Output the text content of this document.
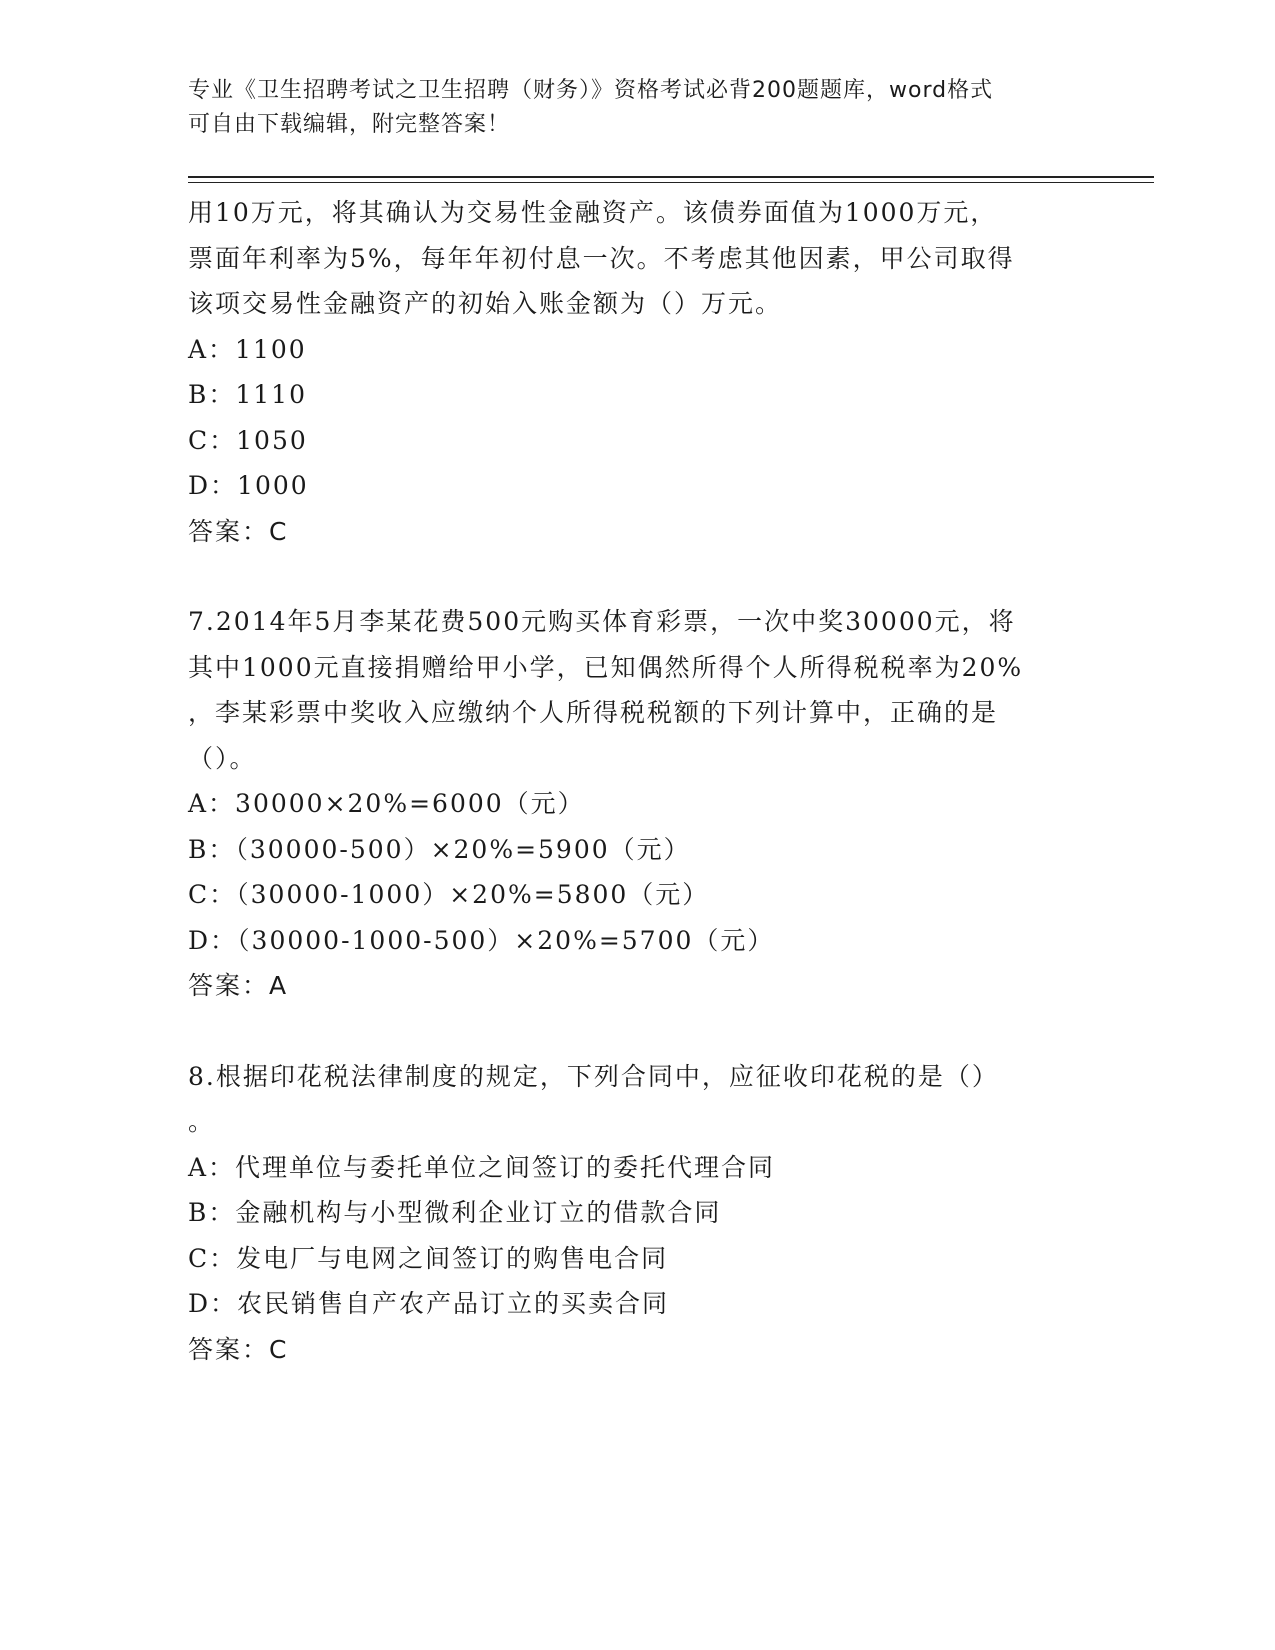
专业《卫生招聘考试之卫生招聘（财务）》资格考试必背200题题库，word格式
可自由下载编辑，附完整答案！
用10万元，将其确认为交易性金融资产。该债券面值为1000万元，
票面年利率为5%，每年年初付息一次。不考虑其他因素，甲公司取得
该项交易性金融资产的初始入账金额为（）万元。
A：1100
B：1110
C：1050
D：1000
答案：C
7.2014年5月李某花费500元购买体育彩票，一次中奖30000元，将
其中1000元直接捐赠给甲小学，已知偶然所得个人所得税税率为20%
，李某彩票中奖收入应缴纳个人所得税税额的下列计算中，正确的是
（）。
A：30000×20%=6000（元）
B：（30000-500）×20%=5900（元）
C：（30000-1000）×20%=5800（元）
D：（30000-1000-500）×20%=5700（元）
答案：A
8.根据印花税法律制度的规定，下列合同中，应征收印花税的是（）
。
A：代理单位与委托单位之间签订的委托代理合同
B：金融机构与小型微利企业订立的借款合同
C：发电厂与电网之间签订的购售电合同
D：农民销售自产农产品订立的买卖合同
答案：C
